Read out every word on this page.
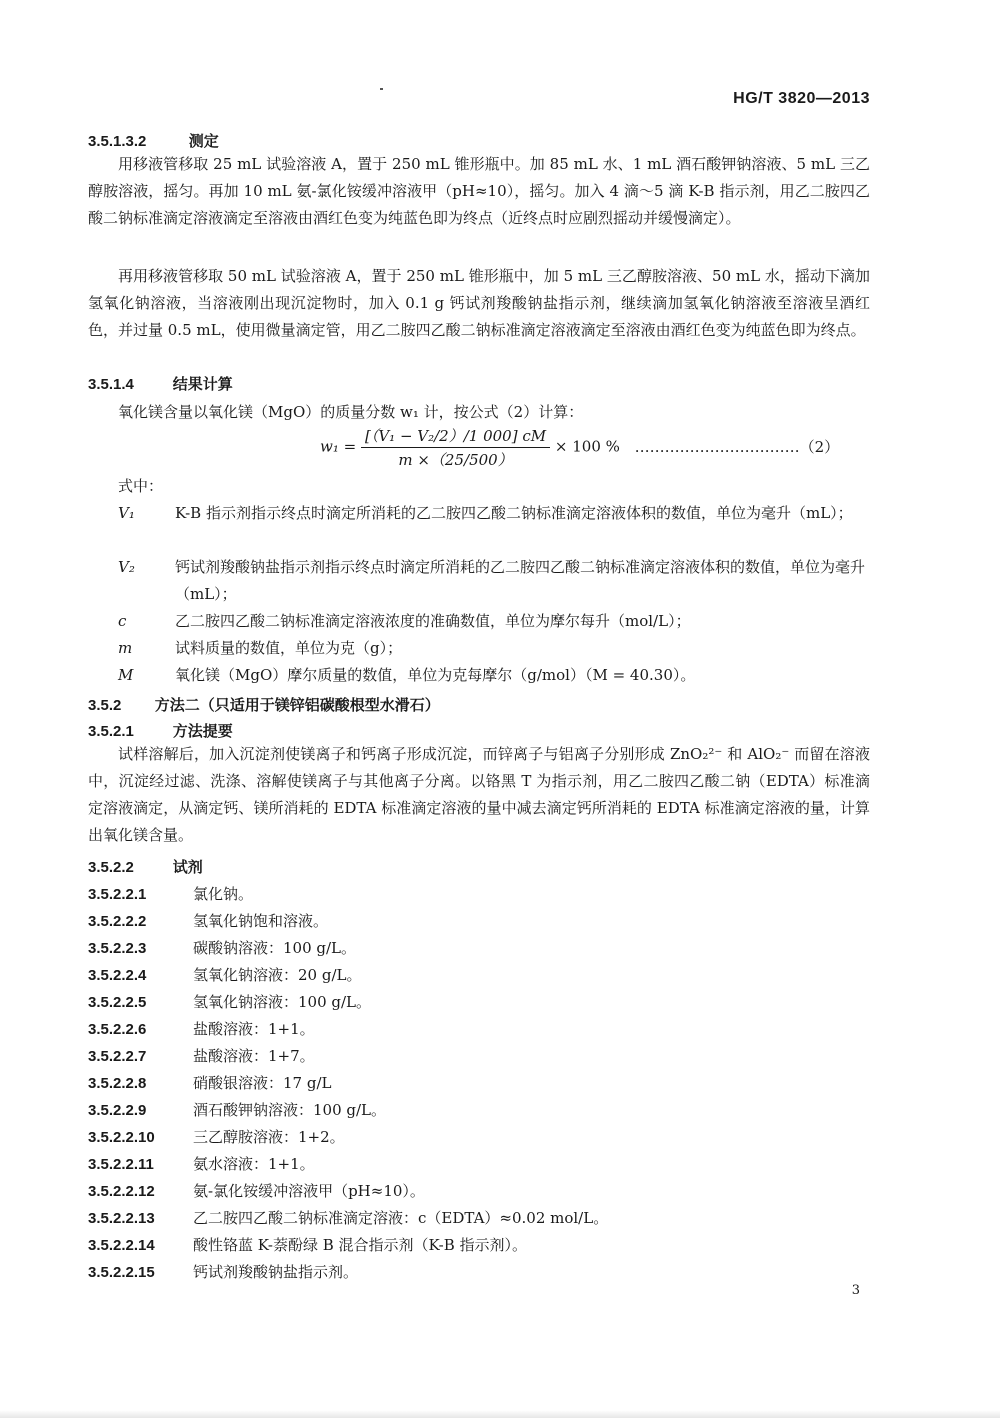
HG/T 3820—2013
3.5.1.3.2	测定
用移液管移取 25 mL 试验溶液 A，置于 250 mL 锥形瓶中。加 85 mL 水、1 mL 酒石酸钾钠溶液、5 mL 三乙醇胺溶液，摇匀。再加 10 mL 氨-氯化铵缓冲溶液甲（pH≈10），摇匀。加入 4 滴～5 滴 K-B 指示剂，用乙二胺四乙酸二钠标准滴定溶液滴定至溶液由酒红色变为纯蓝色即为终点（近终点时应剧烈摇动并缓慢滴定）。
再用移液管移取 50 mL 试验溶液 A，置于 250 mL 锥形瓶中，加 5 mL 三乙醇胺溶液、50 mL 水，摇动下滴加氢氧化钠溶液，当溶液刚出现沉淀物时，加入 0.1 g 钙试剂羧酸钠盐指示剂，继续滴加氢氧化钠溶液至溶液呈酒红色，并过量 0.5 mL，使用微量滴定管，用乙二胺四乙酸二钠标准滴定溶液滴定至溶液由酒红色变为纯蓝色即为终点。
3.5.1.4	结果计算
氧化镁含量以氧化镁（MgO）的质量分数 w₁ 计，按公式（2）计算：
$w_1 = \frac{\text{[（V₁ − V₂/2）/1 000] cM}}{m \times(25/500)} \times 100$ % ……………………………（2）
式中：
V₁	K-B 指示剂指示终点时滴定所消耗的乙二胺四乙酸二钠标准滴定溶液体积的数值，单位为毫升（mL）；
V₂	钙试剂羧酸钠盐指示剂指示终点时滴定所消耗的乙二胺四乙酸二钠标准滴定溶液体积的数值，单位为毫升（mL）；
c	乙二胺四乙酸二钠标准滴定溶液浓度的准确数值，单位为摩尔每升（mol/L）；
m	试料质量的数值，单位为克（g）；
M	氧化镁（MgO）摩尔质量的数值，单位为克每摩尔（g/mol）（M = 40.30）。
3.5.2 方法二（只适用于镁锌铝碳酸根型水滑石）
3.5.2.1	方法提要
试样溶解后，加入沉淀剂使镁离子和钙离子形成沉淀，而锌离子与铝离子分别形成 ZnO₂²⁻ 和 AlO₂⁻ 而留在溶液中，沉淀经过滤、洗涤、溶解使镁离子与其他离子分离。以铬黑 T 为指示剂，用乙二胺四乙酸二钠（EDTA）标准滴定溶液滴定，从滴定钙、镁所消耗的 EDTA 标准滴定溶液的量中减去滴定钙所消耗的 EDTA 标准滴定溶液的量，计算出氧化镁含量。
3.5.2.2	试剂
3.5.2.2.1	氯化钠。
3.5.2.2.2	氢氧化钠饱和溶液。
3.5.2.2.3	碳酸钠溶液：100 g/L。
3.5.2.2.4	氢氧化钠溶液：20 g/L。
3.5.2.2.5	氢氧化钠溶液：100 g/L。
3.5.2.2.6	盐酸溶液：1+1。
3.5.2.2.7	盐酸溶液：1+7。
3.5.2.2.8	硝酸银溶液：17 g/L
3.5.2.2.9	酒石酸钾钠溶液：100 g/L。
3.5.2.2.10	三乙醇胺溶液：1+2。
3.5.2.2.11	氨水溶液：1+1。
3.5.2.2.12	氨-氯化铵缓冲溶液甲（pH≈10）。
3.5.2.2.13	乙二胺四乙酸二钠标准滴定溶液：c（EDTA）≈0.02 mol/L。
3.5.2.2.14	酸性铬蓝 K-萘酚绿 B 混合指示剂（K-B 指示剂）。
3.5.2.2.15	钙试剂羧酸钠盐指示剂。
3
